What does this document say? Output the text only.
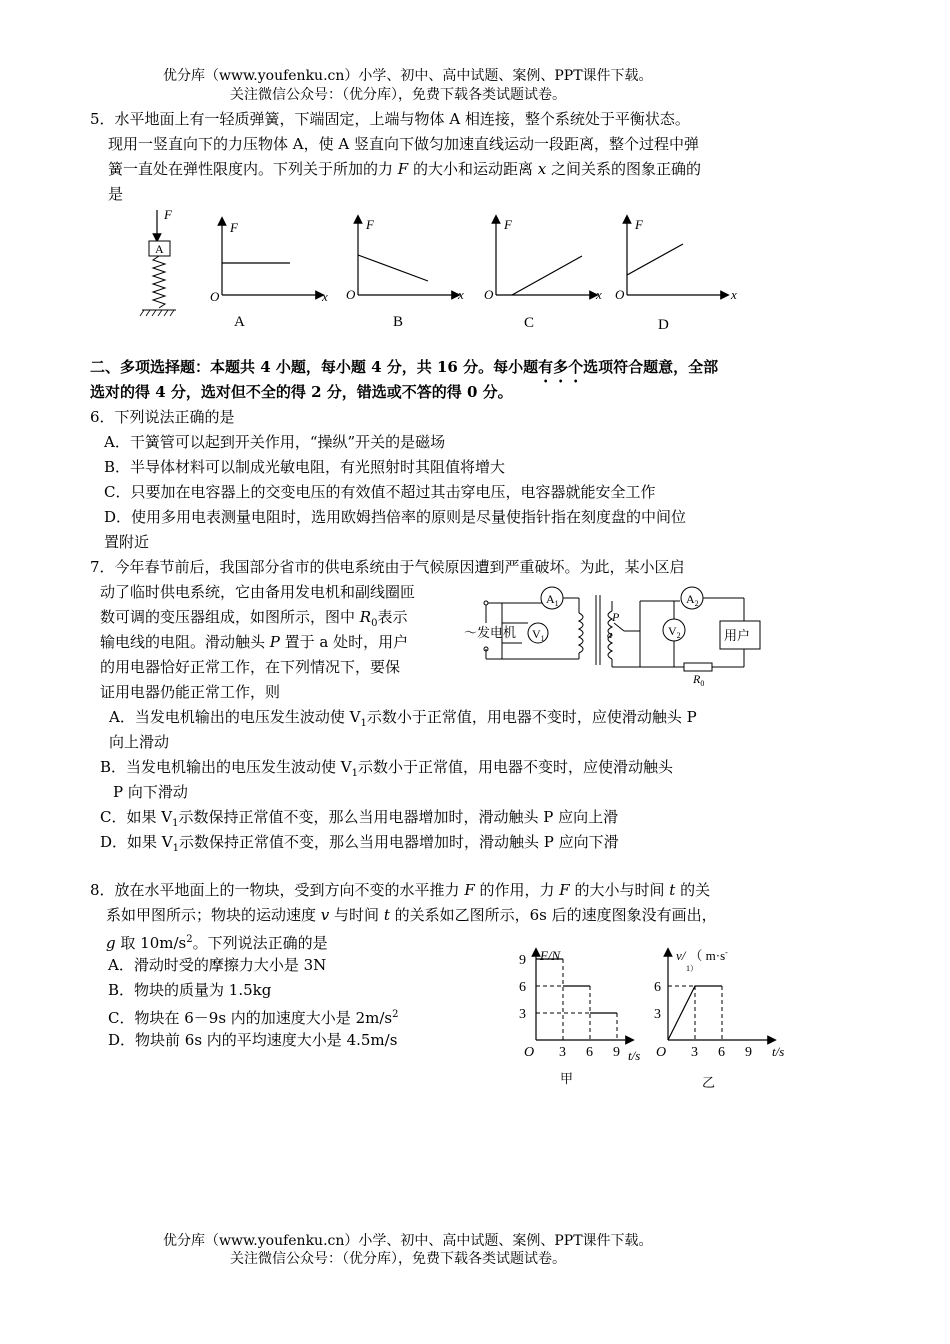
优分库（www.youfenku.cn）小学、初中、高中试题、案例、PPT课件下载。
关注微信公众号：（优分库），免费下载各类试题试卷。
5．水平地面上有一轻质弹簧，下端固定，上端与物体 A 相连接，整个系统处于平衡状态。
现用一竖直向下的力压物体 A，使 A 竖直向下做匀加速直线运动一段距离，整个过程中弹
簧一直处在弹性限度内。下列关于所加的力 F 的大小和运动距离 x 之间关系的图象正确的
是
F
A
F
O	x
A
F
O	x
B
F
O	x
C
F
O	x
D
二、多项选择题：本题共 4 小题，每小题 4 分，共 16 分。每小题有多个选项符合题意，全部
选对的得 4 分，选对但不全的得 2 分，错选或不答的得 0 分。
6．下列说法正确的是
A．干簧管可以起到开关作用，“操纵”开关的是磁场
B．半导体材料可以制成光敏电阻，有光照射时其阻值将增大
C．只要加在电容器上的交变电压的有效值不超过其击穿电压，电容器就能安全工作
D．使用多用电表测量电阻时，选用欧姆挡倍率的原则是尽量使指针指在刻度盘的中间位
置附近
7．今年春节前后，我国部分省市的供电系统由于气候原因遭到严重破坏。为此，某小区启
动了临时供电系统，它由备用发电机和副线圈匝
数可调的变压器组成，如图所示，图中 $R_0$表示
输电线的电阻。滑动触头 P 置于 a 处时，用户
的用电器恰好正常工作，在下列情况下，要保
证用电器仍能正常工作，则
～发电机 $V_1$
$A_1$	$A_2$
$V_2$
P
a	用户
$R_0$
A．当发电机输出的电压发生波动使 $V_1$示数小于正常值，用电器不变时，应使滑动触头 P
向上滑动
B．当发电机输出的电压发生波动使 $V_1$示数小于正常值，用电器不变时，应使滑动触头
P 向下滑动
C．如果 $V_1$示数保持正常值不变，那么当用电器增加时，滑动触头 P 应向上滑
D．如果 $V_1$示数保持正常值不变，那么当用电器增加时，滑动触头 P 应向下滑
8．放在水平地面上的一物块，受到方向不变的水平推力 F 的作用，力 F 的大小与时间 t 的关
系如甲图所示；物块的运动速度 v 与时间 t 的关系如乙图所示，6s 后的速度图象没有画出，
g 取 $10m/s^2$。下列说法正确的是
A．滑动时受的摩擦力大小是 3N
B．物块的质量为 1.5kg
C．物块在 6－9s 内的加速度大小是 $2m/s^2$
D．物块前 6s 内的平均速度大小是 4.5m/s
F/N
O	t/s
3 6 9
3
6
9
甲
v/ （ m·s-
1）
O	t/s
3 6 9
3
6
乙
优分库（www.youfenku.cn）小学、初中、高中试题、案例、PPT课件下载。
关注微信公众号：（优分库），免费下载各类试题试卷。
